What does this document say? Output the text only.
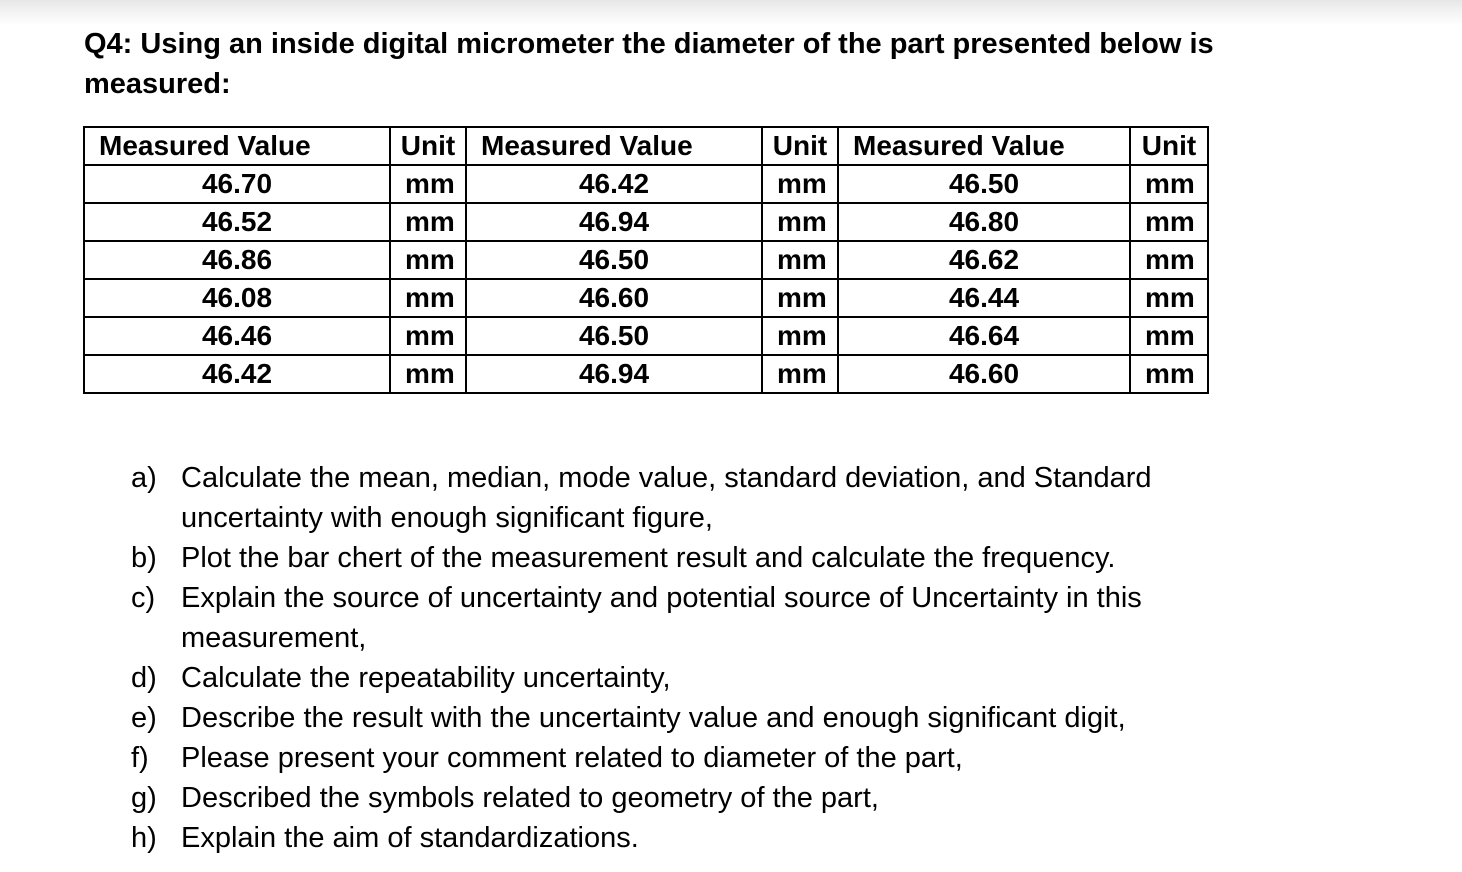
Q4: Using an inside digital micrometer the diameter of the part presented below is measured:
Measured Value	Unit	Measured Value	Unit	Measured Value	Unit
46.70	mm	46.42	mm	46.50	mm
46.52	mm	46.94	mm	46.80	mm
46.86	mm	46.50	mm	46.62	mm
46.08	mm	46.60	mm	46.44	mm
46.46	mm	46.50	mm	46.64	mm
46.42	mm	46.94	mm	46.60	mm
a) Calculate the mean, median, mode value, standard deviation, and Standard uncertainty with enough significant figure,
b) Plot the bar chert of the measurement result and calculate the frequency.
c) Explain the source of uncertainty and potential source of Uncertainty in this measurement,
d) Calculate the repeatability uncertainty,
e) Describe the result with the uncertainty value and enough significant digit,
f) Please present your comment related to diameter of the part,
g) Described the symbols related to geometry of the part,
h) Explain the aim of standardizations.
